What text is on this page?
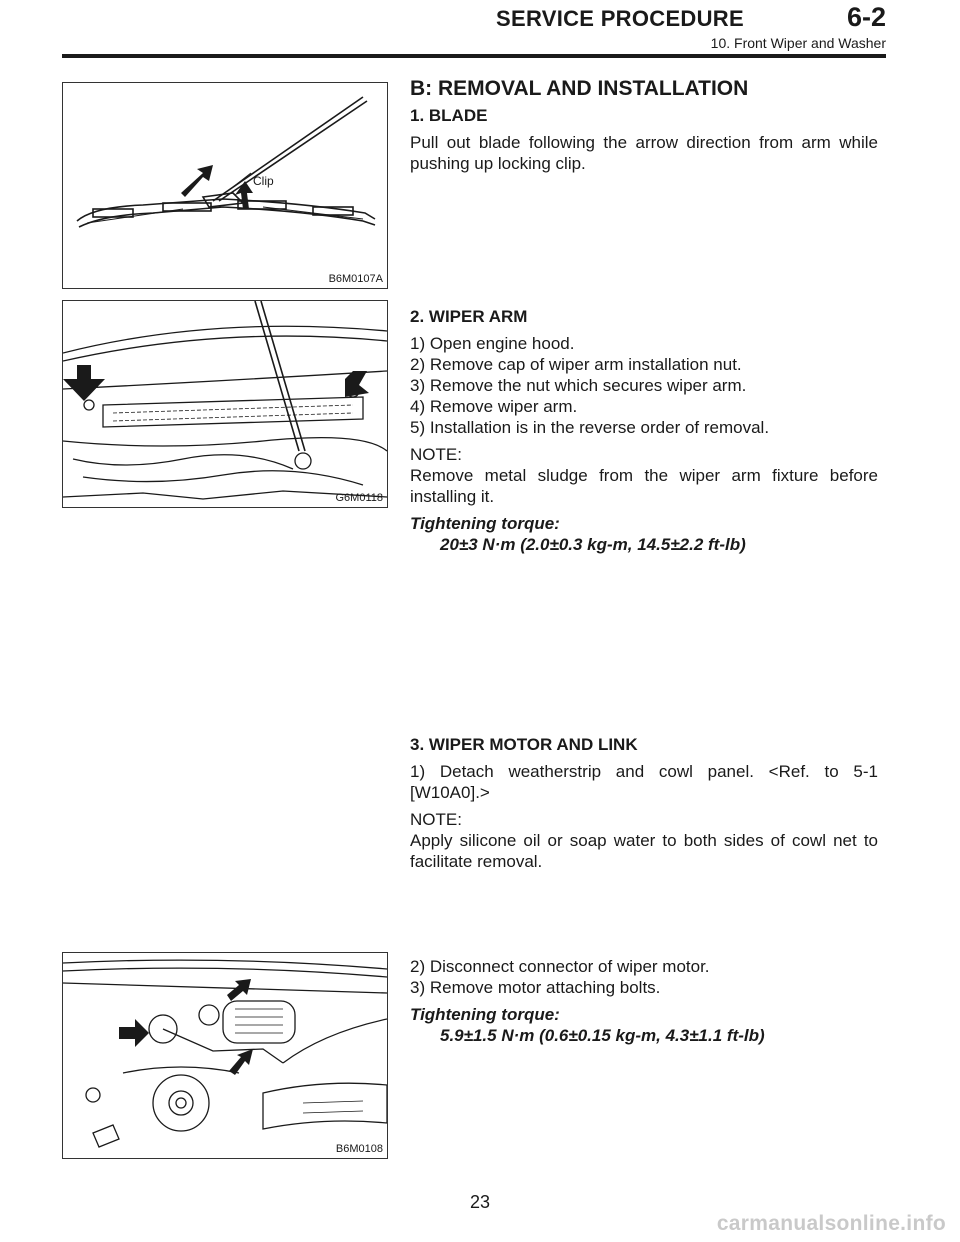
SERVICE PROCEDURE	6-2
10. Front Wiper and Washer
Clip
B6M0107A
G6M0118
B6M0108

B: REMOVAL AND INSTALLATION

1. BLADE

Pull out blade following the arrow direction from arm while pushing up locking clip.

2. WIPER ARM

1) Open engine hood.

2) Remove cap of wiper arm installation nut.

3) Remove the nut which secures wiper arm.

4) Remove wiper arm.

5) Installation is in the reverse order of removal.

NOTE:

Remove metal sludge from the wiper arm fixture before installing it.

Tightening torque:

20±3 N·m (2.0±0.3 kg-m, 14.5±2.2 ft-lb)

3. WIPER MOTOR AND LINK

1) Detach weatherstrip and cowl panel. <Ref. to 5-1 [W10A0].>

NOTE:

Apply silicone oil or soap water to both sides of cowl net to facilitate removal.

2) Disconnect connector of wiper motor.

3) Remove motor attaching bolts.

Tightening torque:

5.9±1.5 N·m (0.6±0.15 kg-m, 4.3±1.1 ft-lb)

23
carmanualsonline.info
